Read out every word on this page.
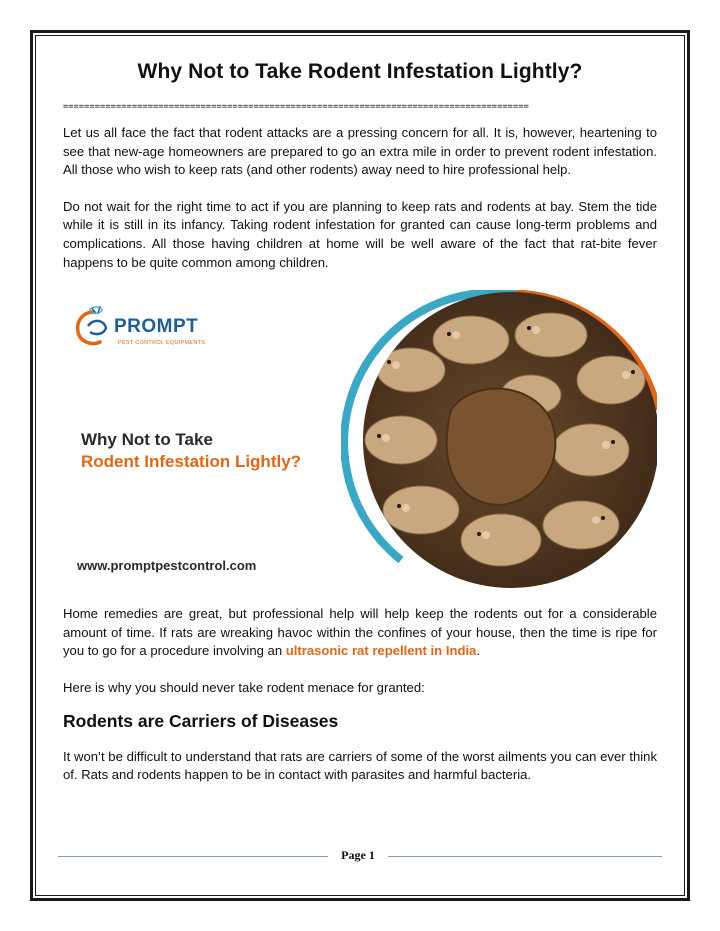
Why Not to Take Rodent Infestation Lightly?
========================================================================================

Let us all face the fact that rodent attacks are a pressing concern for all. It is, however, heartening to see that new-age homeowners are prepared to go an extra mile in order to prevent rodent infestation. All those who wish to keep rats (and other rodents) away need to hire professional help.

Do not wait for the right time to act if you are planning to keep rats and rodents at bay. Stem the tide while it is still in its infancy. Taking rodent infestation for granted can cause long-term problems and complications. All those having children at home will be well aware of the fact that rat-bite fever happens to be quite common among children.

PROMPT
PEST CONTROL EQUIPMENTS
Why Not to Take
Rodent Infestation Lightly?
www.promptpestcontrol.com

Home remedies are great, but professional help will help keep the rodents out for a considerable amount of time. If rats are wreaking havoc within the confines of your house, then the time is ripe for you to go for a procedure involving an ultrasonic rat repellent in India.

Here is why you should never take rodent menace for granted:

Rodents are Carriers of Diseases

It won’t be difficult to understand that rats are carriers of some of the worst ailments you can ever think of. Rats and rodents happen to be in contact with parasites and harmful bacteria.

Page 1
